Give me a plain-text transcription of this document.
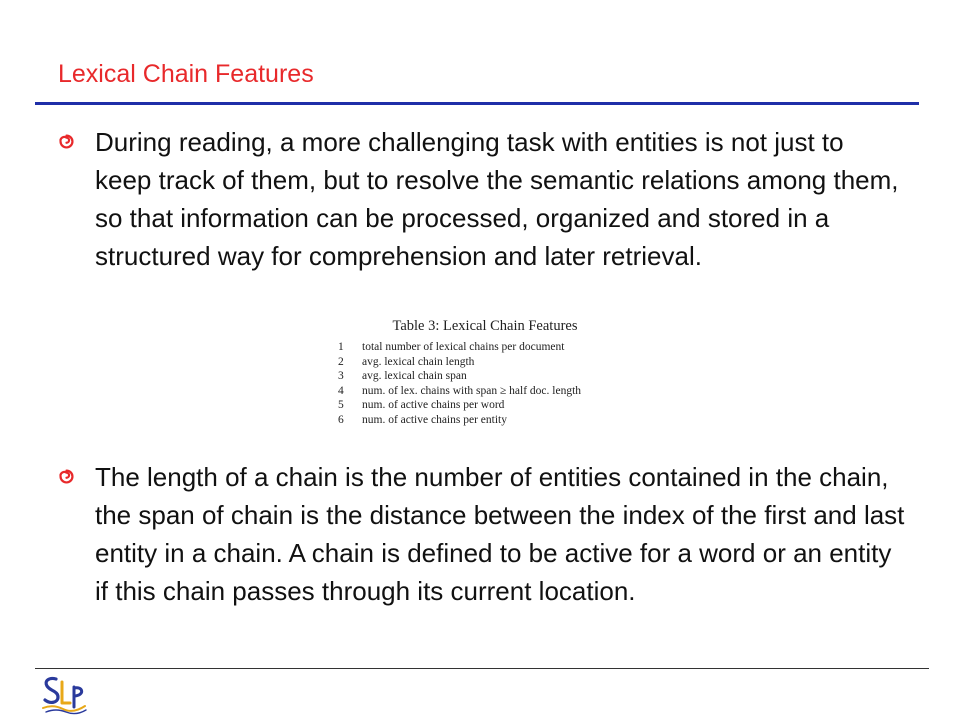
Lexical Chain Features

During reading, a more challenging task with entities is not just to keep track of them, but to resolve the semantic relations among them, so that information can be processed, organized and stored in a structured way for comprehension and later retrieval.

Table 3: Lexical Chain Features
1	total number of lexical chains per document
2	avg. lexical chain length
3	avg. lexical chain span
4	num. of lex. chains with span ≥ half doc. length
5	num. of active chains per word
6	num. of active chains per entity

The length of a chain is the number of entities contained in the chain, the span of chain is the distance between the index of the first and last entity in a chain. A chain is defined to be active for a word or an entity if this chain passes through its current location.
